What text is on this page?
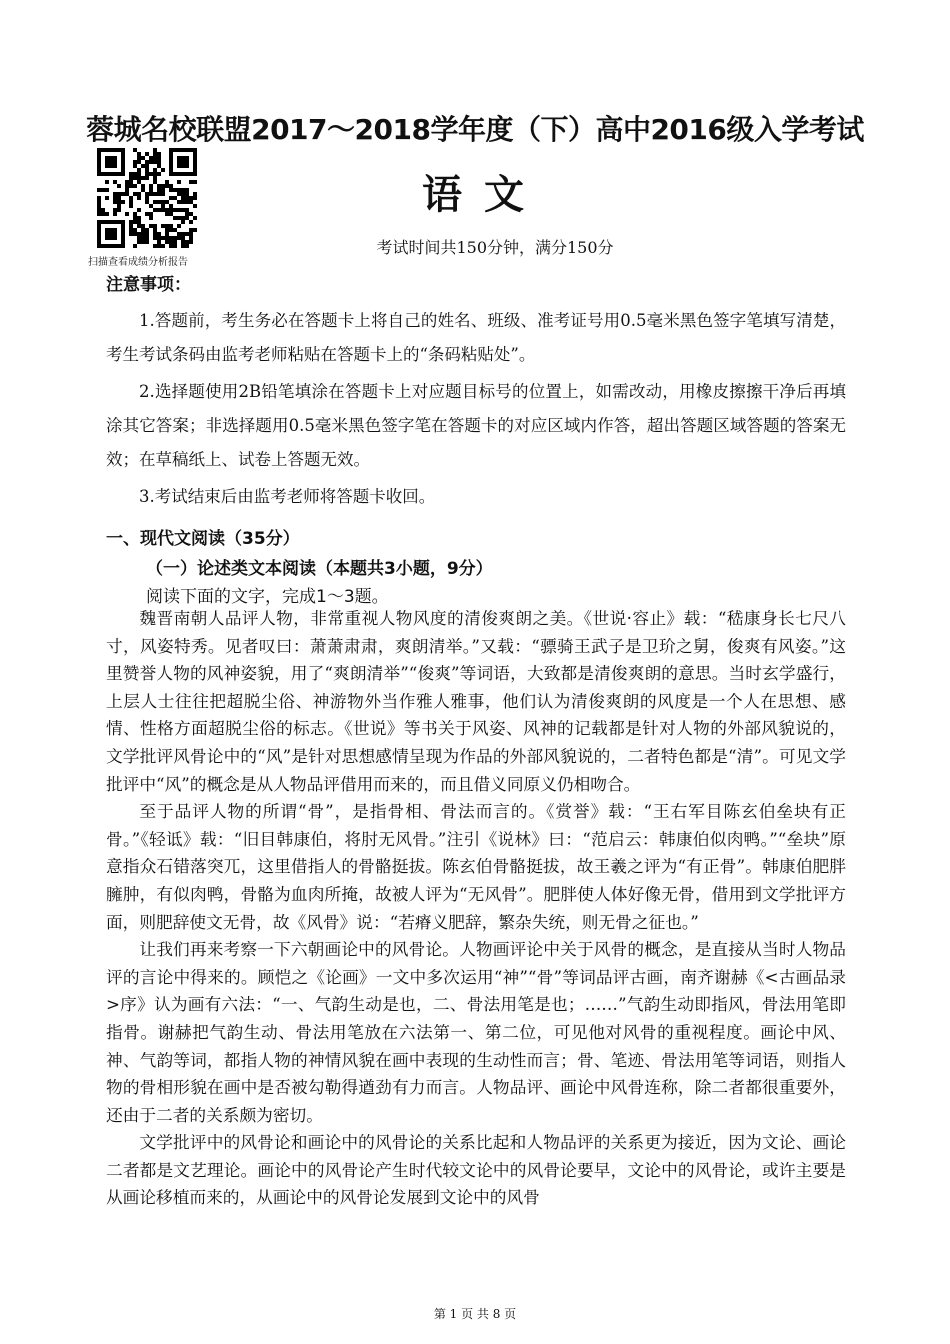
蓉城名校联盟2017～2018学年度（下）高中2016级入学考试
扫描查看成绩分析报告
语 文
考试时间共150分钟，满分150分
注意事项：

1.答题前，考生务必在答题卡上将自己的姓名、班级、准考证号用0.5毫米黑色签字笔填写清楚，考生考试条码由监考老师粘贴在答题卡上的“条码粘贴处”。

2.选择题使用2B铅笔填涂在答题卡上对应题目标号的位置上，如需改动，用橡皮擦擦干净后再填涂其它答案；非选择题用0.5毫米黑色签字笔在答题卡的对应区域内作答，超出答题区域答题的答案无效；在草稿纸上、试卷上答题无效。

3.考试结束后由监考老师将答题卡收回。

一、现代文阅读（35分）
（一）论述类文本阅读（本题共3小题，9分）
阅读下面的文字，完成1～3题。

魏晋南朝人品评人物，非常重视人物风度的清俊爽朗之美。《世说·容止》载：“嵇康身长七尺八寸，风姿特秀。见者叹曰：萧萧肃肃，爽朗清举。”又载：“骠骑王武子是卫玠之舅，俊爽有风姿。”这里赞誉人物的风神姿貌，用了“爽朗清举”“俊爽”等词语，大致都是清俊爽朗的意思。当时玄学盛行，上层人士往往把超脱尘俗、神游物外当作雅人雅事，他们认为清俊爽朗的风度是一个人在思想、感情、性格方面超脱尘俗的标志。《世说》等书关于风姿、风神的记载都是针对人物的外部风貌说的，文学批评风骨论中的“风”是针对思想感情呈现为作品的外部风貌说的，二者特色都是“清”。可见文学批评中“风”的概念是从人物品评借用而来的，而且借义同原义仍相吻合。

至于品评人物的所谓“骨”，是指骨相、骨法而言的。《赏誉》载：“王右军目陈玄伯垒块有正骨。”《轻诋》载：“旧目韩康伯，将肘无风骨。”注引《说林》曰：“范启云：韩康伯似肉鸭。”“垒块”原意指众石错落突兀，这里借指人的骨骼挺拔。陈玄伯骨骼挺拔，故王羲之评为“有正骨”。韩康伯肥胖臃肿，有似肉鸭，骨骼为血肉所掩，故被人评为“无风骨”。肥胖使人体好像无骨，借用到文学批评方面，则肥辞使文无骨，故《风骨》说：“若瘠义肥辞，繁杂失统，则无骨之征也。”

让我们再来考察一下六朝画论中的风骨论。人物画评论中关于风骨的概念，是直接从当时人物品评的言论中得来的。顾恺之《论画》一文中多次运用“神”“骨”等词品评古画，南齐谢赫《<古画品录>序》认为画有六法：“一、气韵生动是也，二、骨法用笔是也；……”气韵生动即指风，骨法用笔即指骨。谢赫把气韵生动、骨法用笔放在六法第一、第二位，可见他对风骨的重视程度。画论中风、神、气韵等词，都指人物的神情风貌在画中表现的生动性而言；骨、笔迹、骨法用笔等词语，则指人物的骨相形貌在画中是否被勾勒得遒劲有力而言。人物品评、画论中风骨连称，除二者都很重要外，还由于二者的关系颇为密切。

文学批评中的风骨论和画论中的风骨论的关系比起和人物品评的关系更为接近，因为文论、画论二者都是文艺理论。画论中的风骨论产生时代较文论中的风骨论要早，文论中的风骨论，或许主要是从画论移植而来的，从画论中的风骨论发展到文论中的风骨

第 1 页 共 8 页
